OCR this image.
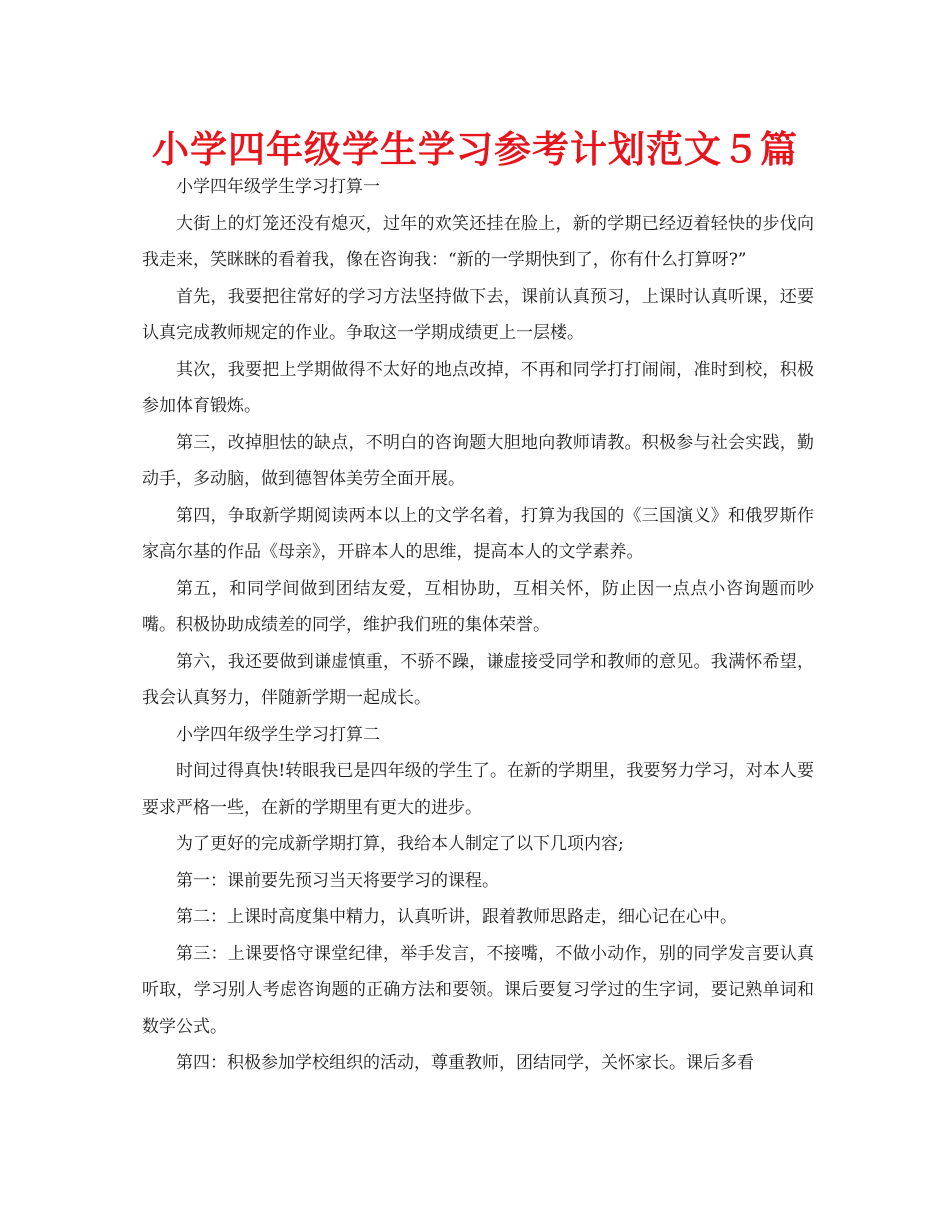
小学四年级学生学习参考计划范文５篇

小学四年级学生学习打算一

大街上的灯笼还没有熄灭，过年的欢笑还挂在脸上，新的学期已经迈着轻快的步伐向我走来，笑眯眯的看着我，像在咨询我：“新的一学期快到了，你有什么打算呀?”

首先，我要把往常好的学习方法坚持做下去，课前认真预习，上课时认真听课，还要认真完成教师规定的作业。争取这一学期成绩更上一层楼。

其次，我要把上学期做得不太好的地点改掉，不再和同学打打闹闹，准时到校，积极参加体育锻炼。

第三，改掉胆怯的缺点，不明白的咨询题大胆地向教师请教。积极参与社会实践，勤动手，多动脑，做到德智体美劳全面开展。

第四，争取新学期阅读两本以上的文学名着，打算为我国的《三国演义》和俄罗斯作家高尔基的作品《母亲》，开辟本人的思维，提高本人的文学素养。

第五，和同学间做到团结友爱，互相协助，互相关怀，防止因一点点小咨询题而吵嘴。积极协助成绩差的同学，维护我们班的集体荣誉。

第六，我还要做到谦虚慎重，不骄不躁，谦虚接受同学和教师的意见。我满怀希望，我会认真努力，伴随新学期一起成长。

小学四年级学生学习打算二

时间过得真快!转眼我已是四年级的学生了。在新的学期里，我要努力学习，对本人要要求严格一些，在新的学期里有更大的进步。

为了更好的完成新学期打算，我给本人制定了以下几项内容;

第一：课前要先预习当天将要学习的课程。

第二：上课时高度集中精力，认真听讲，跟着教师思路走，细心记在心中。

第三：上课要恪守课堂纪律，举手发言，不接嘴，不做小动作，别的同学发言要认真听取，学习别人考虑咨询题的正确方法和要领。课后要复习学过的生字词，要记熟单词和数学公式。

第四：积极参加学校组织的活动，尊重教师，团结同学，关怀家长。课后多看
